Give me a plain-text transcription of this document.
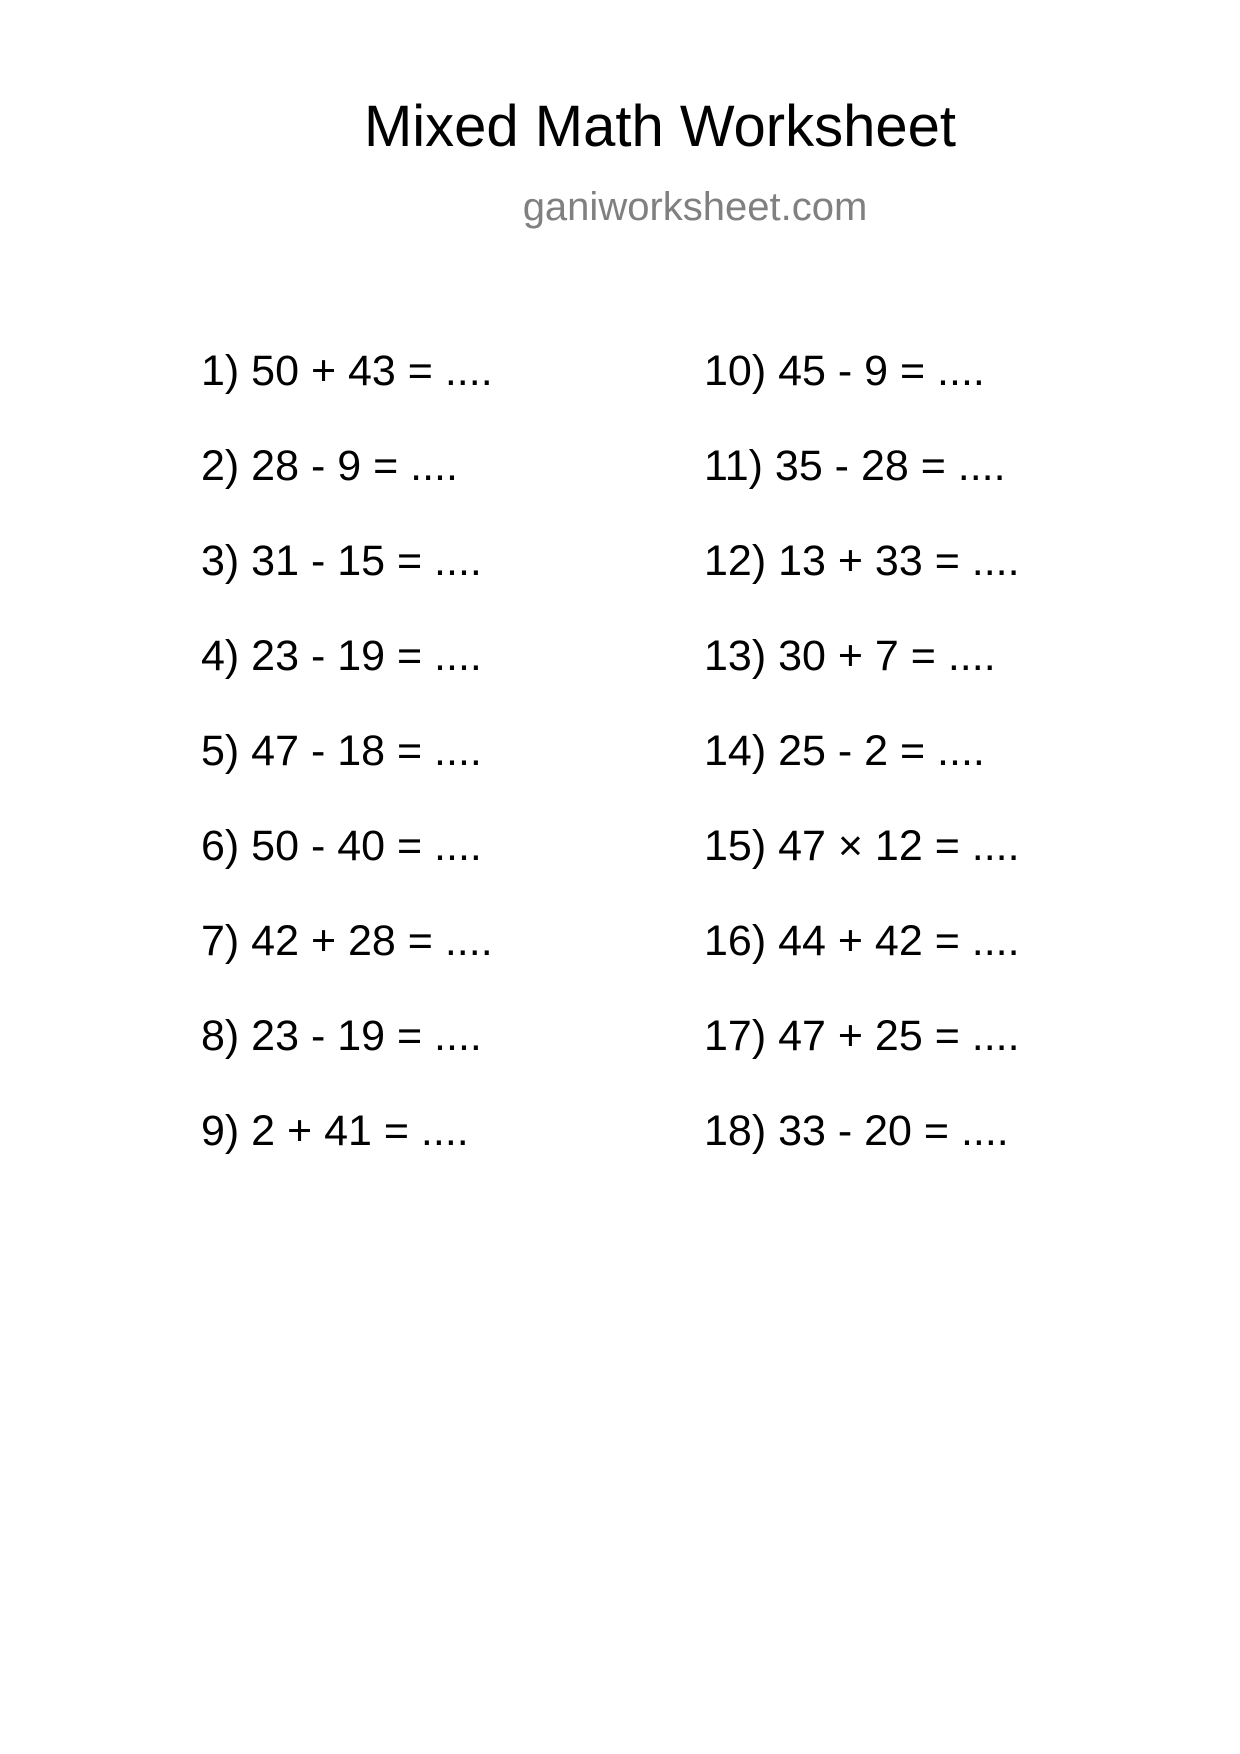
Mixed Math Worksheet
ganiworksheet.com
1) 50 + 43 = ....
2) 28 - 9 = ....
3) 31 - 15 = ....
4) 23 - 19 = ....
5) 47 - 18 = ....
6) 50 - 40 = ....
7) 42 + 28 = ....
8) 23 - 19 = ....
9) 2 + 41 = ....
10) 45 - 9 = ....
11) 35 - 28 = ....
12) 13 + 33 = ....
13) 30 + 7 = ....
14) 25 - 2 = ....
15) 47 × 12 = ....
16) 44 + 42 = ....
17) 47 + 25 = ....
18) 33 - 20 = ....
